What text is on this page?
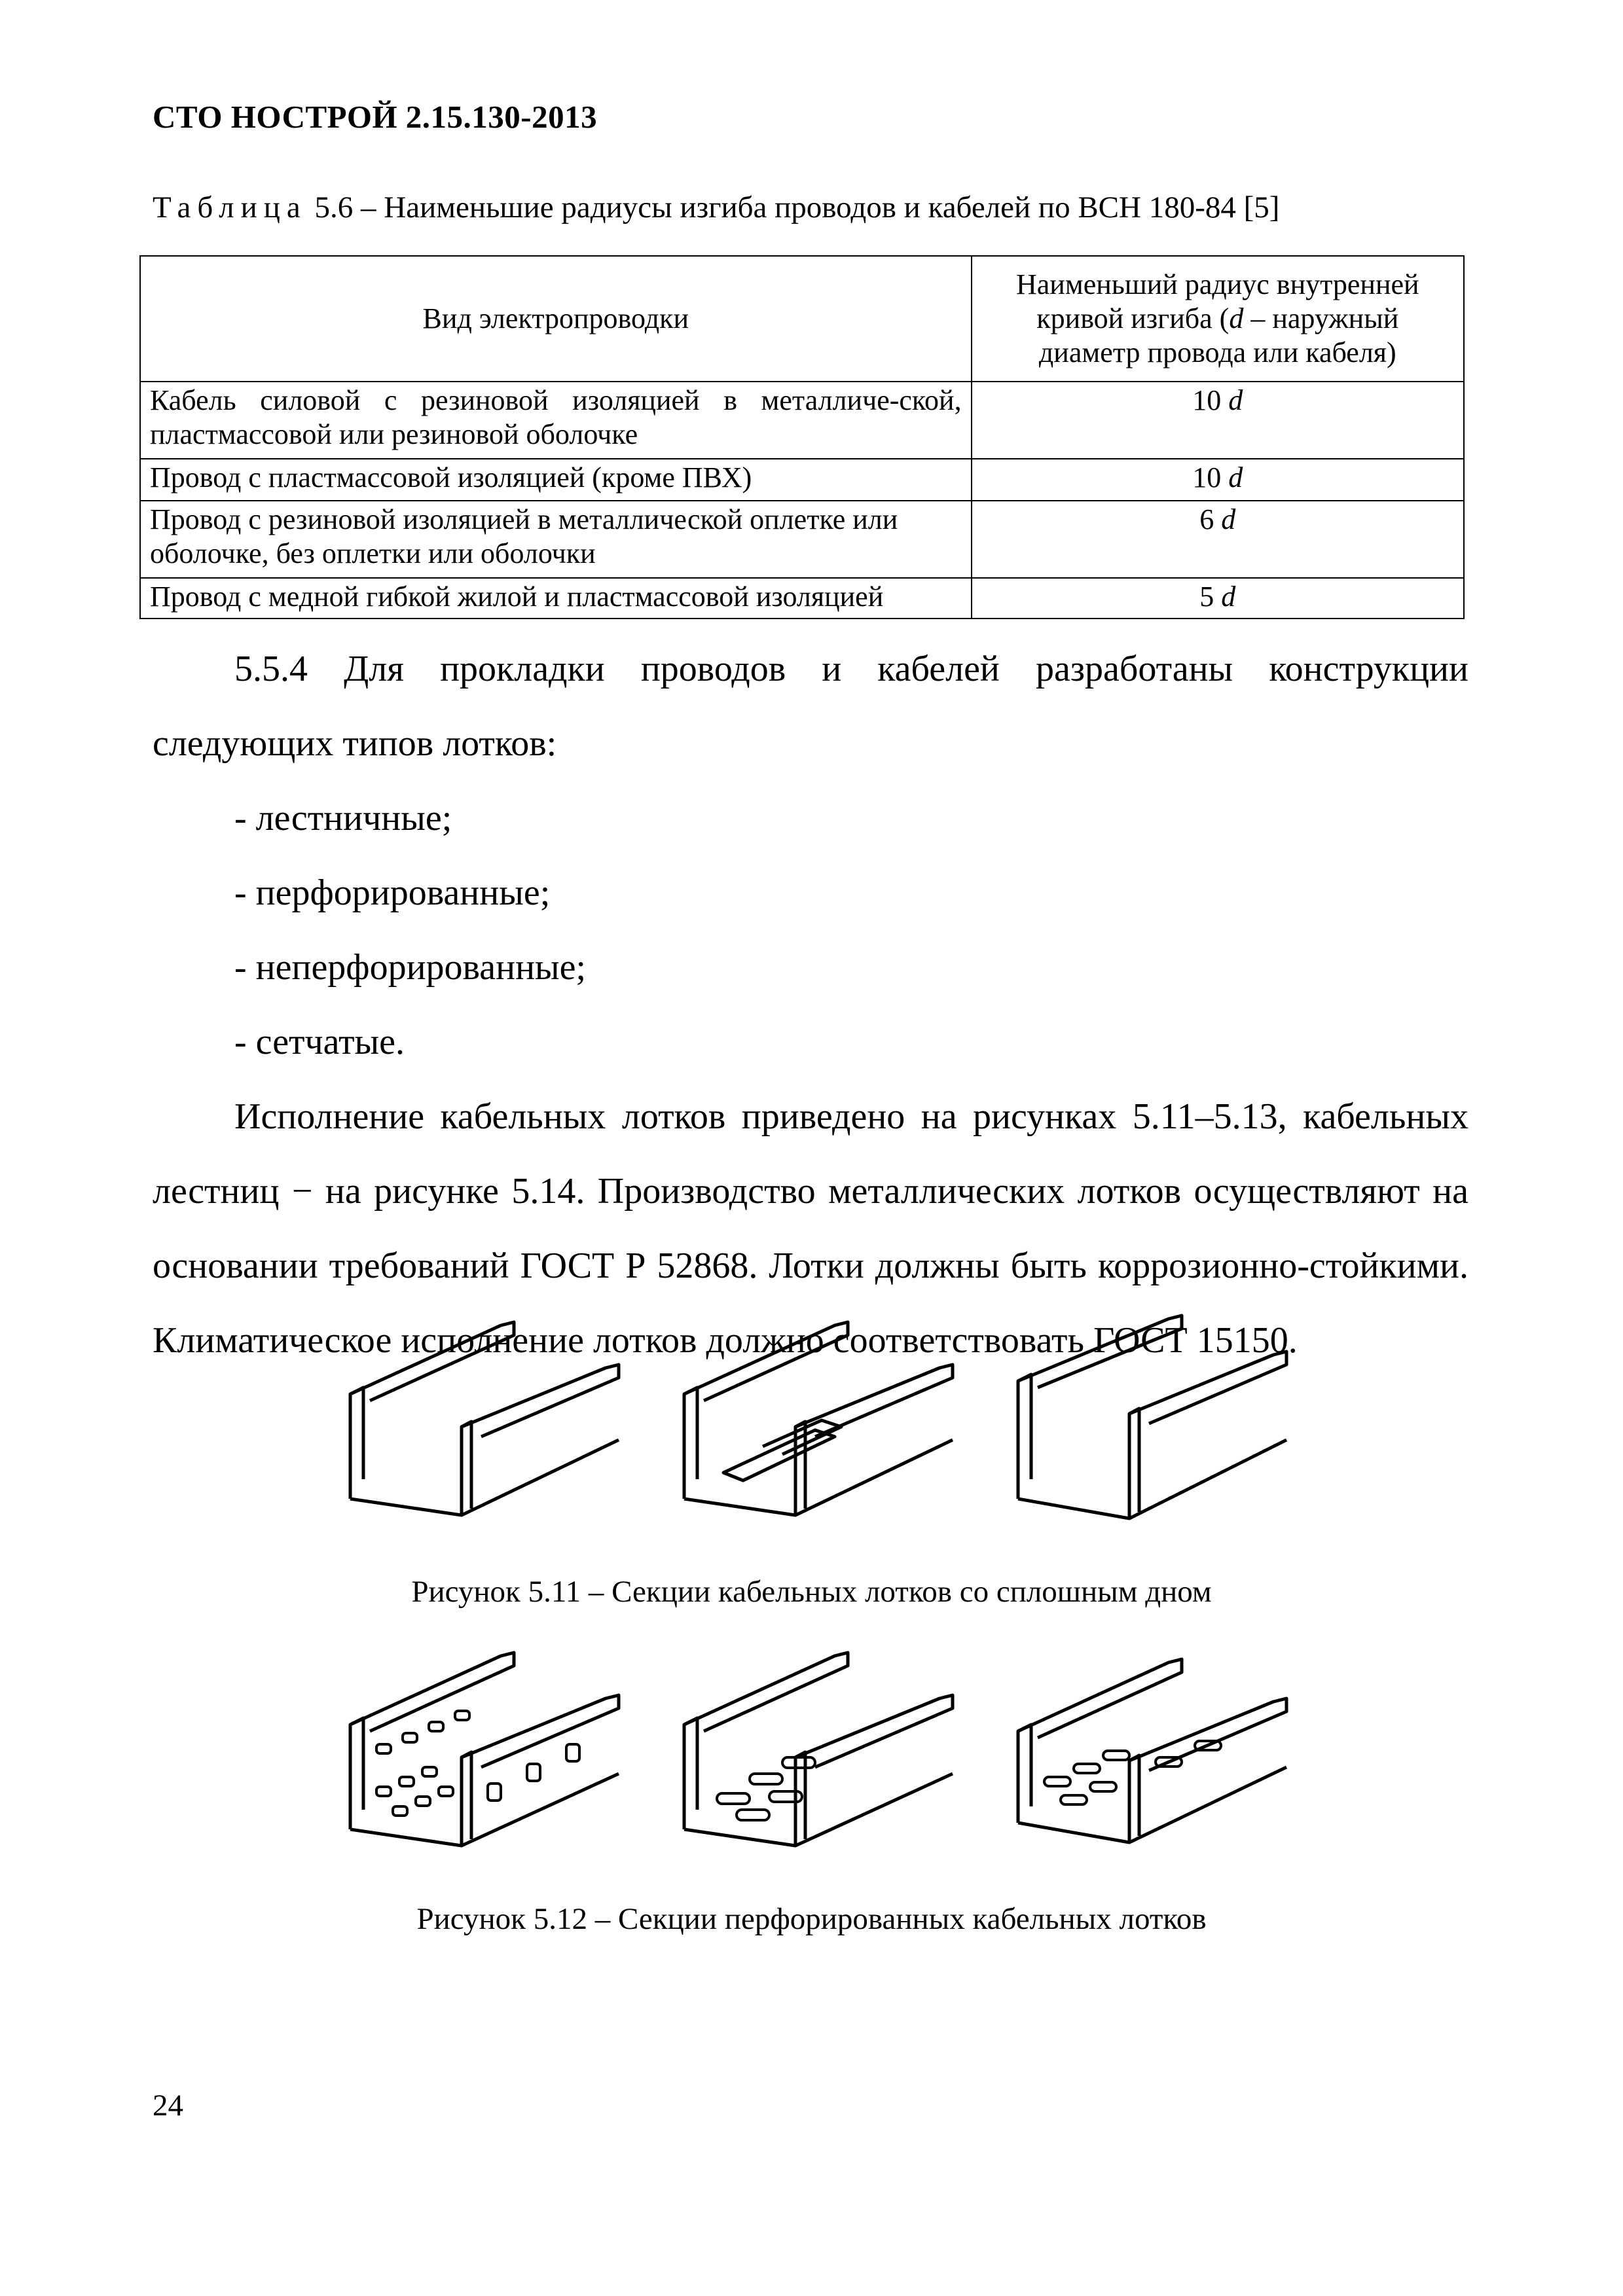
СТО НОСТРОЙ 2.15.130-2013
Таблица 5.6 – Наименьшие радиусы изгиба проводов и кабелей по ВСН 180-84 [5]
Вид электропроводки	Наименьший радиус внутренней
кривой изгиба (d – наружный
диаметр провода или кабеля)

Кабель силовой с резиновой изоляцией в металличе-ской, пластмассовой или резиновой оболочке	10 d
Провод с пластмассовой изоляцией (кроме ПВХ)	10 d
Провод с резиновой изоляцией в металлической оплетке или оболочке, без оплетки или оболочки	6 d
Провод с медной гибкой жилой и пластмассовой изоляцией	5 d

5.5.4 Для прокладки проводов и кабелей разработаны конструкции следующих типов лотков:

- лестничные;

- перфорированные;

- неперфорированные;

- сетчатые.

Исполнение кабельных лотков приведено на рисунках 5.11–5.13, кабельных лестниц − на рисунке 5.14. Производство металлических лотков осуществляют на основании требований ГОСТ Р 52868. Лотки должны быть коррозионно-стойкими. Климатическое исполнение лотков должно соответствовать ГОСТ 15150.

Рисунок 5.11 – Секции кабельных лотков со сплошным дном
Рисунок 5.12 – Секции перфорированных кабельных лотков
24
